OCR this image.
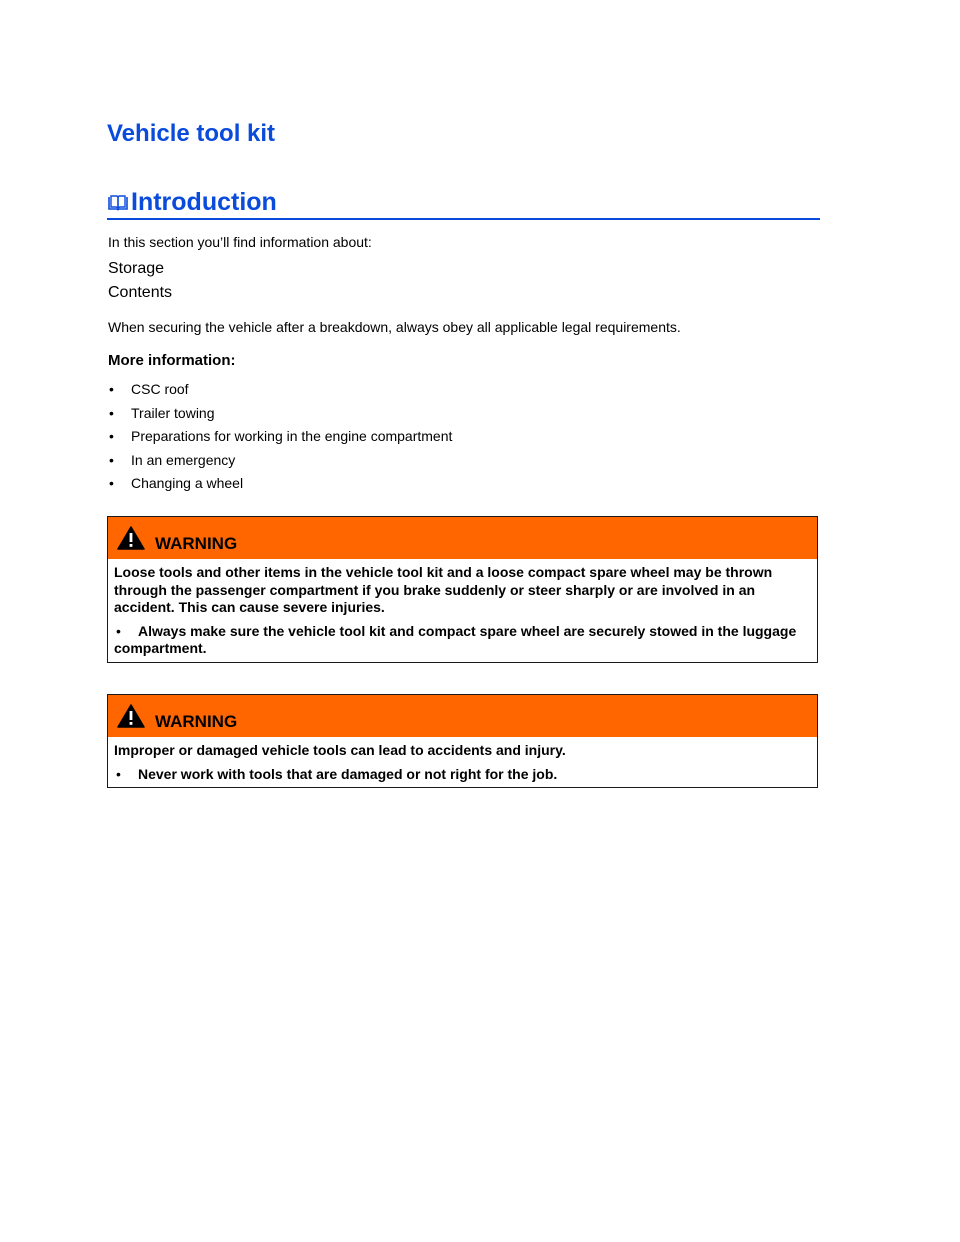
Vehicle tool kit
Introduction

In this section you’ll find information about:

Storage

Contents

When securing the vehicle after a breakdown, always obey all applicable legal requirements.

More information:
• CSC roof
• Trailer towing
• Preparations for working in the engine compartment
• In an emergency
• Changing a wheel
WARNING

Loose tools and other items in the vehicle tool kit and a loose compact spare wheel may be thrown through the passenger compartment if you brake suddenly or steer sharply or are involved in an accident. This can cause severe injuries.

• Always make sure the vehicle tool kit and compact spare wheel are securely stowed in the luggage compartment.

WARNING

Improper or damaged vehicle tools can lead to accidents and injury.

• Never work with tools that are damaged or not right for the job.
